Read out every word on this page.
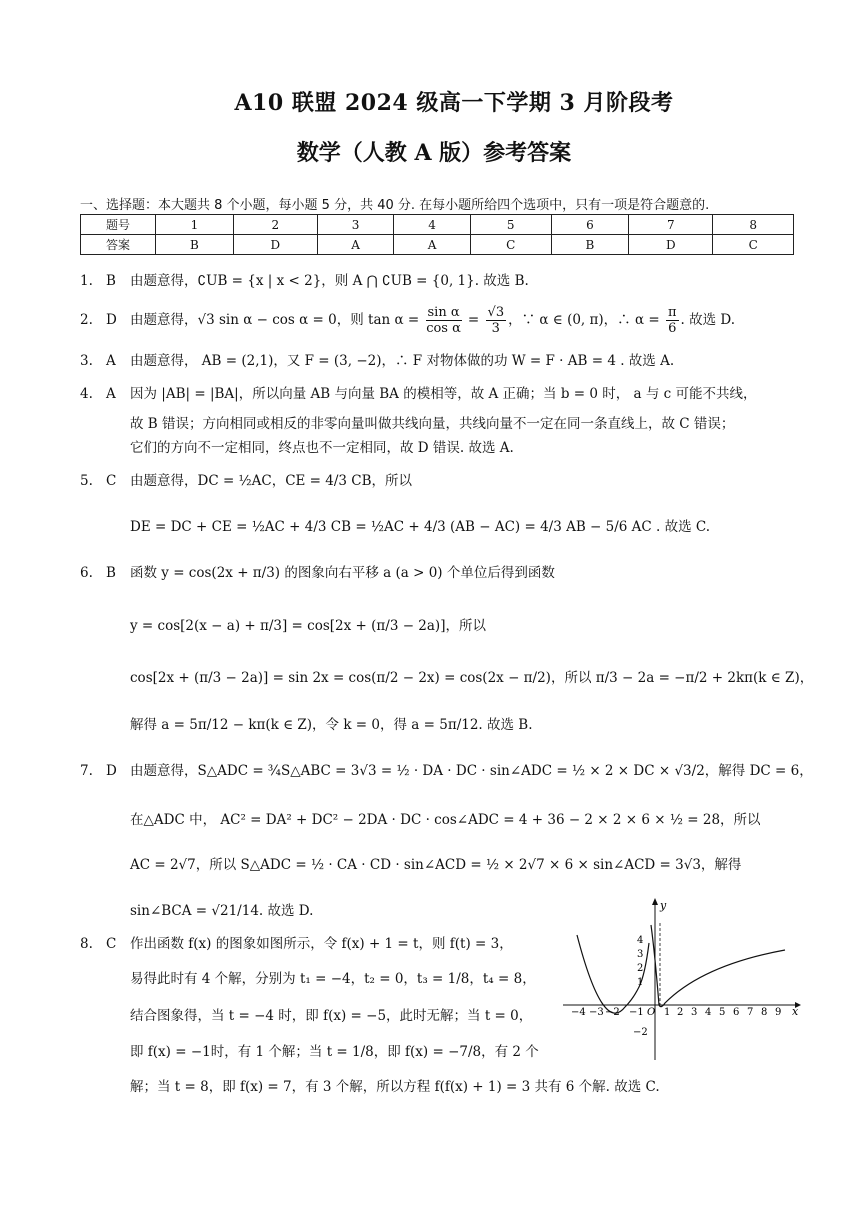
A10 联盟 2024 级高一下学期 3 月阶段考
数学（人教 A 版）参考答案
一、选择题：本大题共 8 个小题，每小题 5 分，共 40 分. 在每小题所给四个选项中，只有一项是符合题意的.
题号	1	2	3	4	5	6	7	8
答案	B	D	A	A	C	B	D	C
1. B 由题意得，∁UB = {x | x < 2}，则 A ⋂ ∁UB = {0, 1}. 故选 B.
2. D 由题意得，√3 sin α − cos α = 0，则 $\tan \alpha = \frac{\text{sin α}}{\text{cos α}} = \frac{√3}{3}$ ，∵ α ∈ (0, π)，∴ $\alpha = \frac{\pi}{6}$ . 故选 D.
3. A 由题意得， AB = (2,1)，又 F = (3, −2)，∴ F 对物体做的功 W = F · AB = 4 . 故选 A.
4. A 因为 |AB| = |BA|，所以向量 AB 与向量 BA 的模相等，故 A 正确；当 b = 0 时， a 与 c 可能不共线，
故 B 错误；方向相同或相反的非零向量叫做共线向量，共线向量不一定在同一条直线上，故 C 错误；
它们的方向不一定相同，终点也不一定相同，故 D 错误. 故选 A.
5. C 由题意得，DC = ½AC，CE = 4/3 CB，所以
DE = DC + CE = ½AC + 4/3 CB = ½AC + 4/3 (AB − AC) = 4/3 AB − 5/6 AC . 故选 C.
6. B 函数 y = cos(2x + π/3) 的图象向右平移 a (a > 0) 个单位后得到函数
y = cos[2(x − a) + π/3] = cos[2x + (π/3 − 2a)]，所以
cos[2x + (π/3 − 2a)] = sin 2x = cos(π/2 − 2x) = cos(2x − π/2)，所以 π/3 − 2a = −π/2 + 2kπ(k ∈ Z)，
解得 a = 5π/12 − kπ(k ∈ Z)，令 k = 0，得 a = 5π/12. 故选 B.
7. D 由题意得，S△ADC = ¾S△ABC = 3√3 = ½ · DA · DC · sin∠ADC = ½ × 2 × DC × √3/2，解得 DC = 6，
在△ADC 中， AC² = DA² + DC² − 2DA · DC · cos∠ADC = 4 + 36 − 2 × 2 × 6 × ½ = 28，所以
AC = 2√7，所以 S△ADC = ½ · CA · CD · sin∠ACD = ½ × 2√7 × 6 × sin∠ACD = 3√3，解得
sin∠BCA = √21/14. 故选 D.
8. C 作出函数 f(x) 的图象如图所示，令 f(x) + 1 = t，则 f(t) = 3，
易得此时有 4 个解，分别为 t₁ = −4，t₂ = 0，t₃ = 1/8，t₄ = 8，
结合图象得，当 t = −4 时，即 f(x) = −5，此时无解；当 t = 0，
即 f(x) = −1时，有 1 个解；当 t = 1/8，即 f(x) = −7/8，有 2 个
解；当 t = 8，即 f(x) = 7，有 3 个解，所以方程 f(f(x) + 1) = 3 共有 6 个解. 故选 C.
y
x
O
−4 −3 −2 −1 1 2 3 4 5 6 7 8 9
4
3
2
1
−2
